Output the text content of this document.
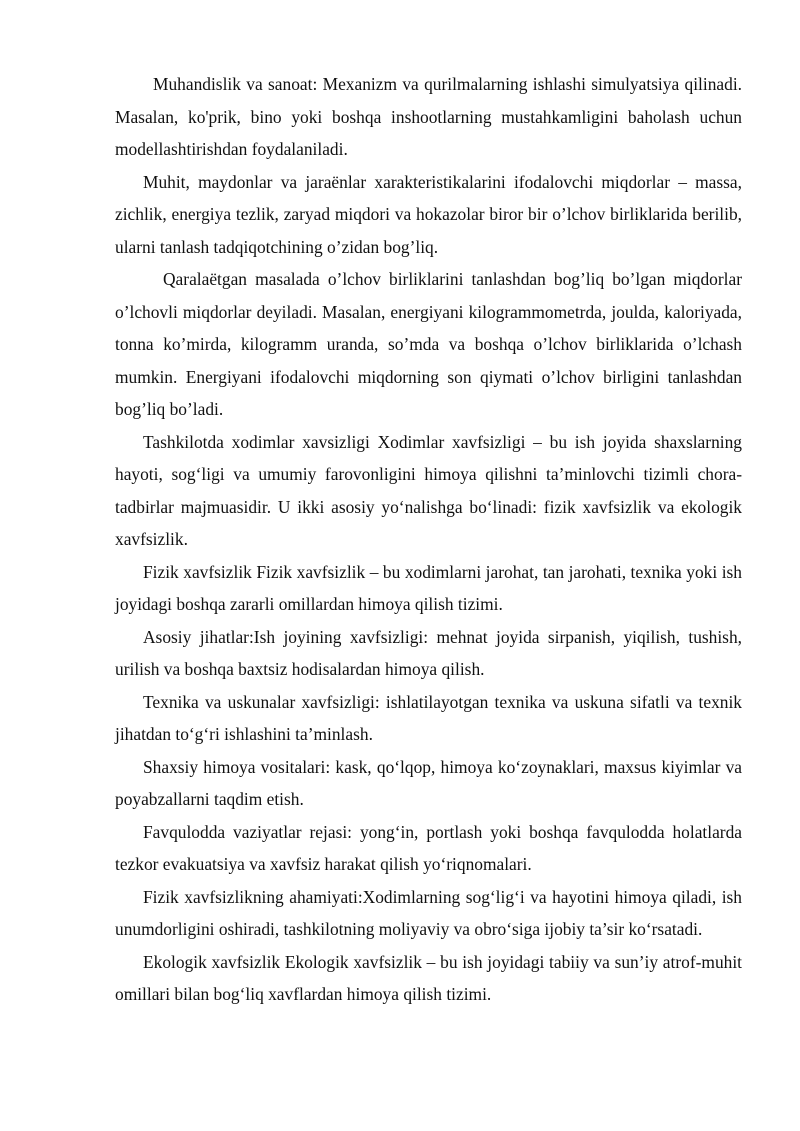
Muhandislik va sanoat: Mexanizm va qurilmalarning ishlashi simulyatsiya qilinadi. Masalan, ko'prik, bino yoki boshqa inshootlarning mustahkamligini baholash uchun modellashtirishdan foydalaniladi.

Muhit, maydonlar va jaraёnlar xarakteristikalarini ifodalovchi miqdorlar – massa, zichlik, energiya tezlik, zaryad miqdori va hokazolar biror bir o’lchov birliklarida berilib, ularni tanlash tadqiqotchining o’zidan bog’liq.

Qaralaёtgan masalada o’lchov birliklarini tanlashdan bog’liq bo’lgan miqdorlar o’lchovli miqdorlar deyiladi. Masalan, energiyani kilogrammometrda, joulda, kaloriyada, tonna ko’mirda, kilogramm uranda, so’mda va boshqa o’lchov birliklarida o’lchash mumkin. Energiyani ifodalovchi miqdorning son qiymati o’lchov birligini tanlashdan bog’liq bo’ladi.

Tashkilotda xodimlar xavsizligi Xodimlar xavfsizligi – bu ish joyida shaxslarning hayoti, sog‘ligi va umumiy farovonligini himoya qilishni ta’minlovchi tizimli chora-tadbirlar majmuasidir. U ikki asosiy yo‘nalishga bo‘linadi: fizik xavfsizlik va ekologik xavfsizlik.

Fizik xavfsizlik Fizik xavfsizlik – bu xodimlarni jarohat, tan jarohati, texnika yoki ish joyidagi boshqa zararli omillardan himoya qilish tizimi.

Asosiy jihatlar:Ish joyining xavfsizligi: mehnat joyida sirpanish, yiqilish, tushish, urilish va boshqa baxtsiz hodisalardan himoya qilish.

Texnika va uskunalar xavfsizligi: ishlatilayotgan texnika va uskuna sifatli va texnik jihatdan to‘g‘ri ishlashini ta’minlash.

Shaxsiy himoya vositalari: kask, qo‘lqop, himoya ko‘zoynaklari, maxsus kiyimlar va poyabzallarni taqdim etish.

Favqulodda vaziyatlar rejasi: yong‘in, portlash yoki boshqa favqulodda holatlarda tezkor evakuatsiya va xavfsiz harakat qilish yo‘riqnomalari.

Fizik xavfsizlikning ahamiyati:Xodimlarning sog‘lig‘i va hayotini himoya qiladi, ish unumdorligini oshiradi, tashkilotning moliyaviy va obro‘siga ijobiy ta’sir ko‘rsatadi.

Ekologik xavfsizlik Ekologik xavfsizlik – bu ish joyidagi tabiiy va sun’iy atrof-muhit omillari bilan bog‘liq xavflardan himoya qilish tizimi.
